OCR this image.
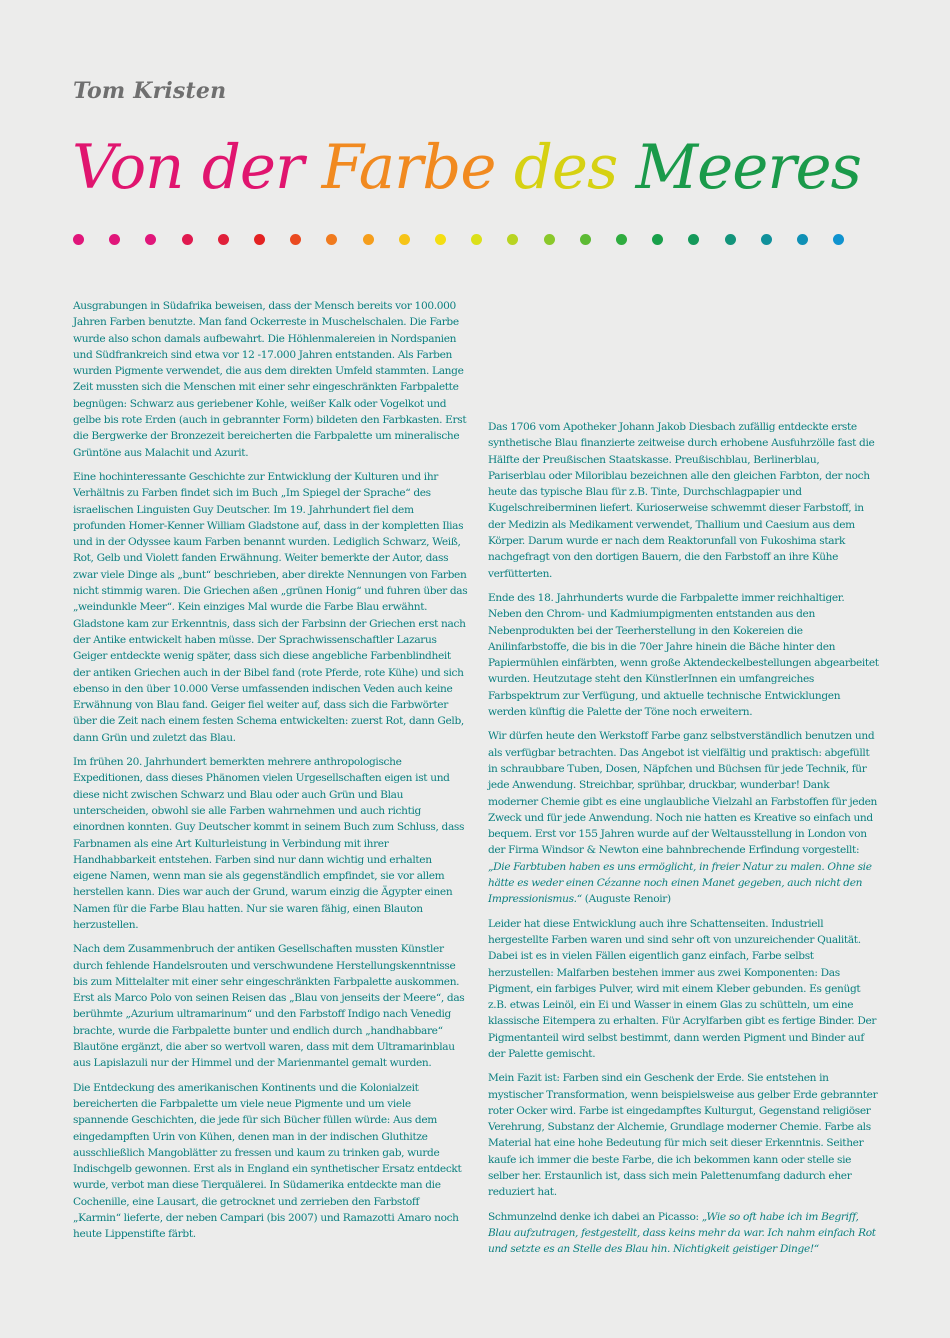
Tom Kristen
Von der Farbe des Meeres

Ausgrabungen in Südafrika beweisen, dass der Mensch bereits vor 100.000 Jahren Farben benutzte. Man fand Ockerreste in Muschelschalen. Die Farbe wurde also schon damals aufbewahrt. Die Höhlenmalereien in Nordspanien und Südfrankreich sind etwa vor 12 -17.000 Jahren entstanden. Als Farben wurden Pigmente verwendet, die aus dem direkten Umfeld stammten. Lange Zeit mussten sich die Menschen mit einer sehr eingeschränkten Farbpalette begnügen: Schwarz aus geriebener Kohle, weißer Kalk oder Vogelkot und gelbe bis rote Erden (auch in gebrannter Form) bildeten den Farbkasten. Erst die Bergwerke der Bronzezeit bereicherten die Farbpalette um mineralische Grüntöne aus Malachit und Azurit.

Eine hochinteressante Geschichte zur Entwicklung der Kulturen und ihr Verhältnis zu Farben findet sich im Buch „Im Spiegel der Sprache“ des israelischen Linguisten Guy Deutscher. Im 19. Jahrhundert fiel dem profunden Homer-Kenner William Gladstone auf, dass in der kompletten Ilias und in der Odyssee kaum Farben benannt wurden. Lediglich Schwarz, Weiß, Rot, Gelb und Violett fanden Erwähnung. Weiter bemerkte der Autor, dass zwar viele Dinge als „bunt“ beschrieben, aber direkte Nennungen von Farben nicht stimmig waren. Die Griechen aßen „grünen Honig“ und fuhren über das „weindunkle Meer“. Kein einziges Mal wurde die Farbe Blau erwähnt. Gladstone kam zur Erkenntnis, dass sich der Farbsinn der Griechen erst nach der Antike entwickelt haben müsse. Der Sprachwissenschaftler Lazarus Geiger entdeckte wenig später, dass sich diese angebliche Farbenblindheit der antiken Griechen auch in der Bibel fand (rote Pferde, rote Kühe) und sich ebenso in den über 10.000 Verse umfassenden indischen Veden auch keine Erwähnung von Blau fand. Geiger fiel weiter auf, dass sich die Farbwörter über die Zeit nach einem festen Schema entwickelten: zuerst Rot, dann Gelb, dann Grün und zuletzt das Blau.

Im frühen 20. Jahrhundert bemerkten mehrere anthropologische Expeditionen, dass dieses Phänomen vielen Urgesellschaften eigen ist und diese nicht zwischen Schwarz und Blau oder auch Grün und Blau unterscheiden, obwohl sie alle Farben wahrnehmen und auch richtig einordnen konnten. Guy Deutscher kommt in seinem Buch zum Schluss, dass Farbnamen als eine Art Kulturleistung in Verbindung mit ihrer Handhabbarkeit entstehen. Farben sind nur dann wichtig und erhalten eigene Namen, wenn man sie als gegenständlich empfindet, sie vor allem herstellen kann. Dies war auch der Grund, warum einzig die Ägypter einen Namen für die Farbe Blau hatten. Nur sie waren fähig, einen Blauton herzustellen.

Nach dem Zusammenbruch der antiken Gesellschaften mussten Künstler durch fehlende Handelsrouten und verschwundene Herstellungskenntnisse bis zum Mittelalter mit einer sehr eingeschränkten Farbpalette auskommen. Erst als Marco Polo von seinen Reisen das „Blau von jenseits der Meere“, das berühmte „Azurium ultramarinum“ und den Farbstoff Indigo nach Venedig brachte, wurde die Farbpalette bunter und endlich durch „handhabbare“ Blautöne ergänzt, die aber so wertvoll waren, dass mit dem Ultramarinblau aus Lapislazuli nur der Himmel und der Marienmantel gemalt wurden.

Die Entdeckung des amerikanischen Kontinents und die Kolonialzeit bereicherten die Farbpalette um viele neue Pigmente und um viele spannende Geschichten, die jede für sich Bücher füllen würde: Aus dem eingedampften Urin von Kühen, denen man in der indischen Gluthitze ausschließlich Mangoblätter zu fressen und kaum zu trinken gab, wurde Indischgelb gewonnen. Erst als in England ein synthetischer Ersatz entdeckt wurde, verbot man diese Tierquälerei. In Südamerika entdeckte man die Cochenille, eine Lausart, die getrocknet und zerrieben den Farbstoff „Karmin“ lieferte, der neben Campari (bis 2007) und Ramazotti Amaro noch heute Lippenstifte färbt.

Das 1706 vom Apotheker Johann Jakob Diesbach zufällig entdeckte erste synthetische Blau finanzierte zeitweise durch erhobene Ausfuhrzölle fast die Hälfte der Preußischen Staatskasse. Preußischblau, Berlinerblau, Pariserblau oder Miloriblau bezeichnen alle den gleichen Farbton, der noch heute das typische Blau für z.B. Tinte, Durchschlagpapier und Kugelschreiberminen liefert. Kurioserweise schwemmt dieser Farbstoff, in der Medizin als Medikament verwendet, Thallium und Caesium aus dem Körper. Darum wurde er nach dem Reaktorunfall von Fukoshima stark nachgefragt von den dortigen Bauern, die den Farbstoff an ihre Kühe verfütterten.

Ende des 18. Jahrhunderts wurde die Farbpalette immer reichhaltiger. Neben den Chrom- und Kadmiumpigmenten entstanden aus den Nebenprodukten bei der Teerherstellung in den Kokereien die Anilinfarbstoffe, die bis in die 70er Jahre hinein die Bäche hinter den Papiermühlen einfärbten, wenn große Aktendeckelbestellungen abgearbeitet wurden. Heutzutage steht den KünstlerInnen ein umfangreiches Farbspektrum zur Verfügung, und aktuelle technische Entwicklungen werden künftig die Palette der Töne noch erweitern.

Wir dürfen heute den Werkstoff Farbe ganz selbstverständlich benutzen und als verfügbar betrachten. Das Angebot ist vielfältig und praktisch: abgefüllt in schraubbare Tuben, Dosen, Näpfchen und Büchsen für jede Technik, für jede Anwendung. Streichbar, sprühbar, druckbar, wunderbar! Dank moderner Chemie gibt es eine unglaubliche Vielzahl an Farbstoffen für jeden Zweck und für jede Anwendung. Noch nie hatten es Kreative so einfach und bequem. Erst vor 155 Jahren wurde auf der Weltausstellung in London von der Firma Windsor & Newton eine bahnbrechende Erfindung vorgestellt: „Die Farbtuben haben es uns ermöglicht, in freier Natur zu malen. Ohne sie hätte es weder einen Cézanne noch einen Manet gegeben, auch nicht den Impressionismus.“ (Auguste Renoir)

Leider hat diese Entwicklung auch ihre Schattenseiten. Industriell hergestellte Farben waren und sind sehr oft von unzureichender Qualität. Dabei ist es in vielen Fällen eigentlich ganz einfach, Farbe selbst herzustellen: Malfarben bestehen immer aus zwei Komponenten: Das Pigment, ein farbiges Pulver, wird mit einem Kleber gebunden. Es genügt z.B. etwas Leinöl, ein Ei und Wasser in einem Glas zu schütteln, um eine klassische Eitempera zu erhalten. Für Acrylfarben gibt es fertige Binder. Der Pigmentanteil wird selbst bestimmt, dann werden Pigment und Binder auf der Palette gemischt.

Mein Fazit ist: Farben sind ein Geschenk der Erde. Sie entstehen in mystischer Transformation, wenn beispielsweise aus gelber Erde gebrannter roter Ocker wird. Farbe ist eingedampftes Kulturgut, Gegenstand religiöser Verehrung, Substanz der Alchemie, Grundlage moderner Chemie. Farbe als Material hat eine hohe Bedeutung für mich seit dieser Erkenntnis. Seither kaufe ich immer die beste Farbe, die ich bekommen kann oder stelle sie selber her. Erstaunlich ist, dass sich mein Palettenumfang dadurch eher reduziert hat.

Schmunzelnd denke ich dabei an Picasso: „Wie so oft habe ich im Begriff, Blau aufzutragen, festgestellt, dass keins mehr da war. Ich nahm einfach Rot und setzte es an Stelle des Blau hin. Nichtigkeit geistiger Dinge!“
